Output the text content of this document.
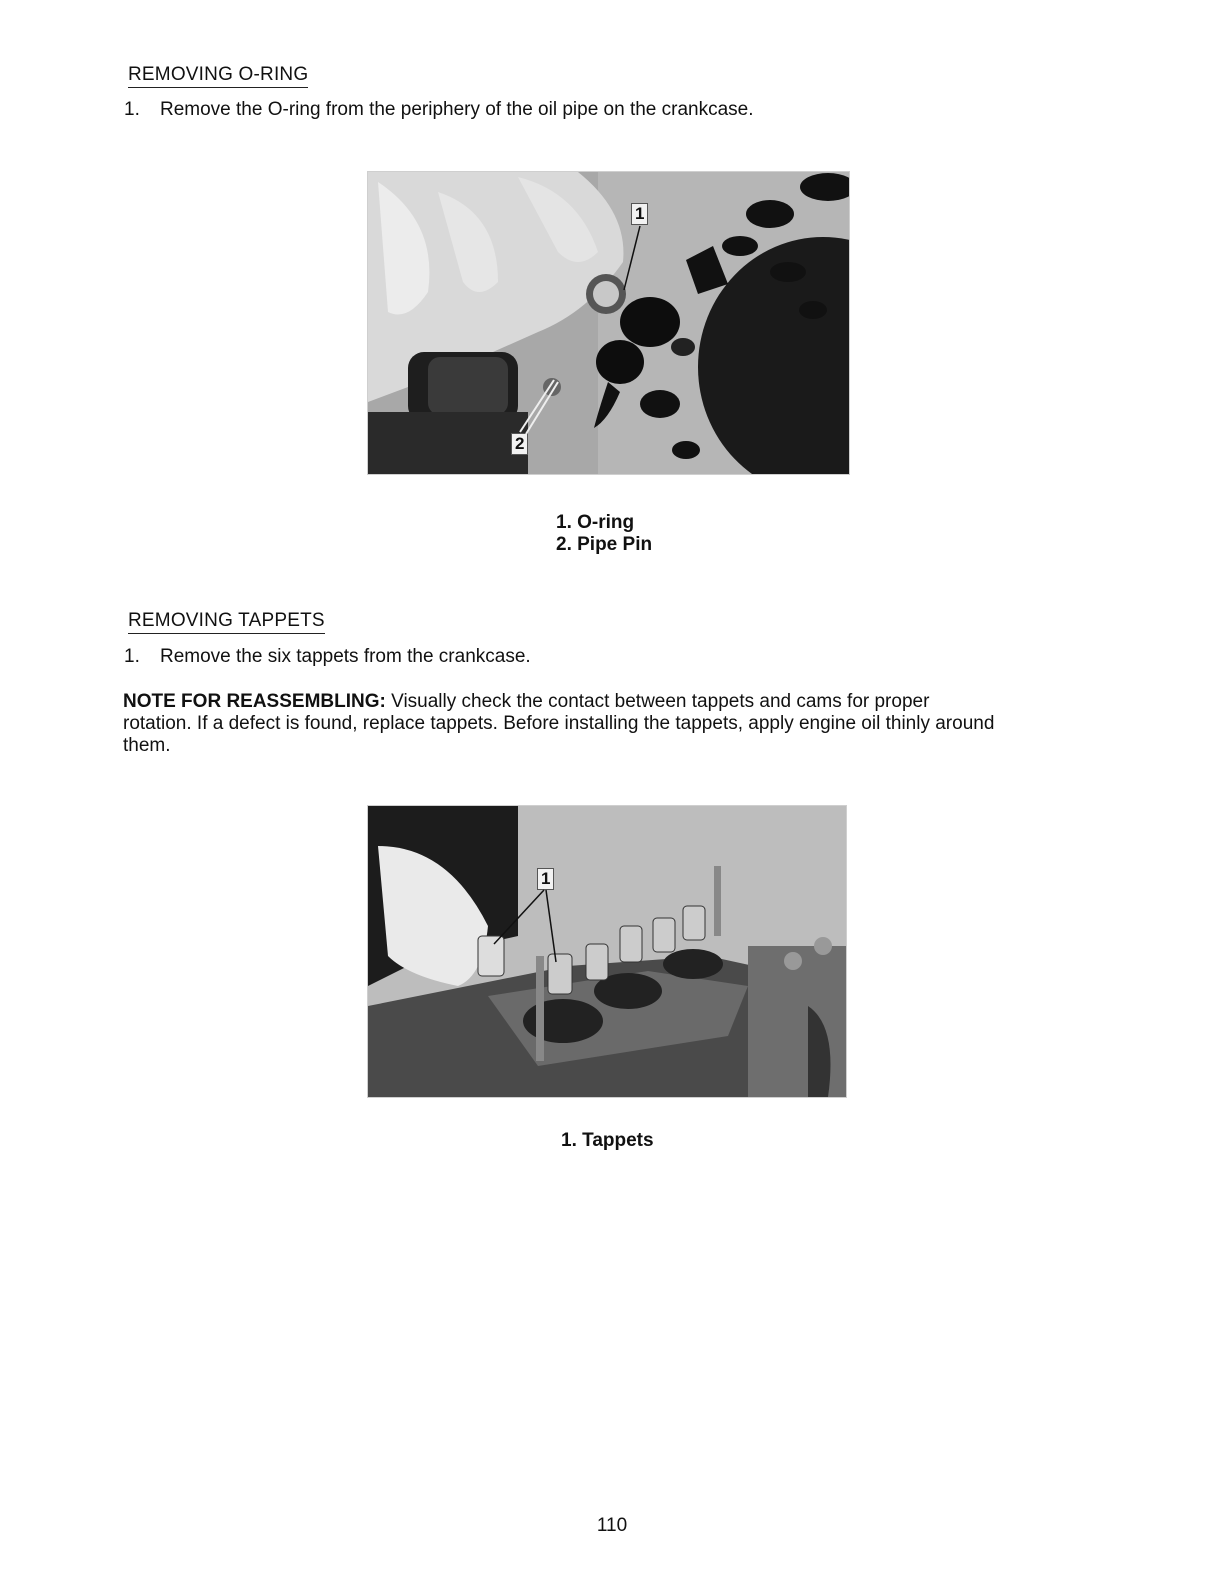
REMOVING O-RING
1. Remove the O-ring from the periphery of the oil pipe on the crankcase.
1
2
1. O-ring
2. Pipe Pin
REMOVING TAPPETS
1. Remove the six tappets from the crankcase.
NOTE FOR REASSEMBLING: Visually check the contact between tappets and cams for proper rotation. If a defect is found, replace tappets. Before installing the tappets, apply engine oil thinly around them.
1
1. Tappets
110
